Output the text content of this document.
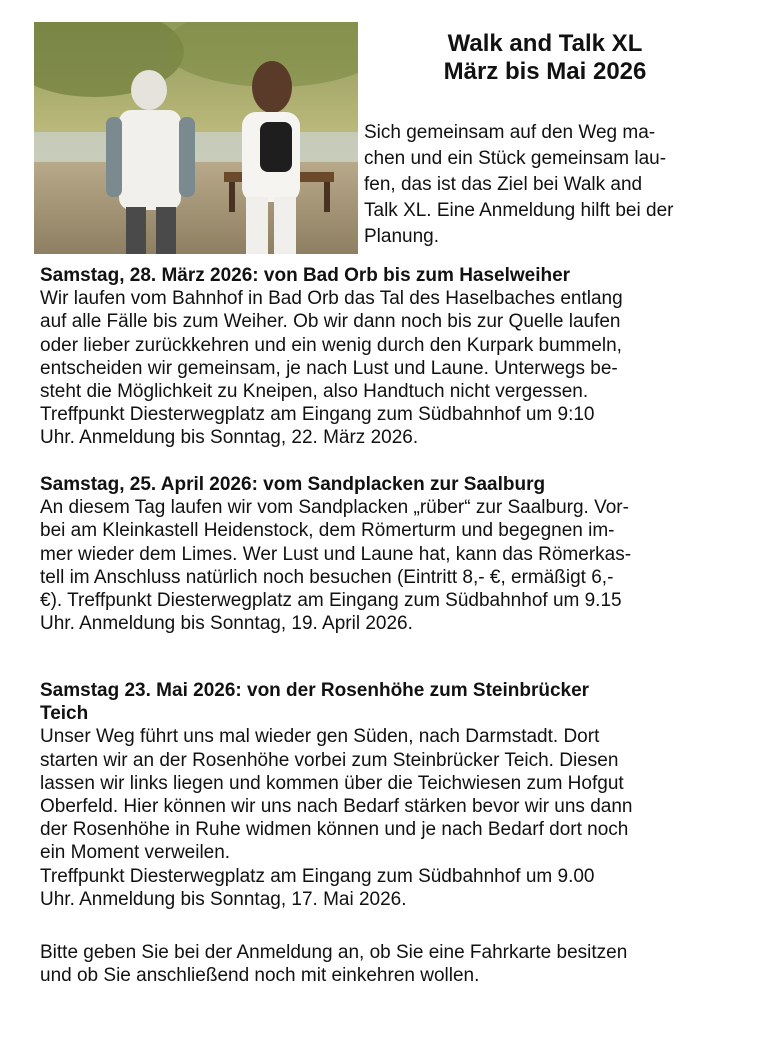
Walk and Talk XL
März bis Mai 2026
Sich gemeinsam auf den Weg ma-
chen und ein Stück gemeinsam lau-
fen, das ist das Ziel bei Walk and
Talk XL. Eine Anmeldung hilft bei der
Planung.
Samstag, 28. März 2026: von Bad Orb bis zum Haselweiher
Wir laufen vom Bahnhof in Bad Orb das Tal des Haselbaches entlang
auf alle Fälle bis zum Weiher. Ob wir dann noch bis zur Quelle laufen
oder lieber zurückkehren und ein wenig durch den Kurpark bummeln,
entscheiden wir gemeinsam, je nach Lust und Laune. Unterwegs be-
steht die Möglichkeit zu Kneipen, also Handtuch nicht vergessen.
Treffpunkt Diesterwegplatz am Eingang zum Südbahnhof um 9:10
Uhr. Anmeldung bis Sonntag, 22. März 2026.
Samstag, 25. April 2026: vom Sandplacken zur Saalburg
An diesem Tag laufen wir vom Sandplacken „rüber“ zur Saalburg. Vor-
bei am Kleinkastell Heidenstock, dem Römerturm und begegnen im-
mer wieder dem Limes. Wer Lust und Laune hat, kann das Römerkas-
tell im Anschluss natürlich noch besuchen (Eintritt 8,- €, ermäßigt 6,-
€). Treffpunkt Diesterwegplatz am Eingang zum Südbahnhof um 9.15
Uhr. Anmeldung bis Sonntag, 19. April 2026.
Samstag 23. Mai 2026: von der Rosenhöhe zum Steinbrücker
Teich
Unser Weg führt uns mal wieder gen Süden, nach Darmstadt. Dort
starten wir an der Rosenhöhe vorbei zum Steinbrücker Teich. Diesen
lassen wir links liegen und kommen über die Teichwiesen zum Hofgut
Oberfeld. Hier können wir uns nach Bedarf stärken bevor wir uns dann
der Rosenhöhe in Ruhe widmen können und je nach Bedarf dort noch
ein Moment verweilen.
Treffpunkt Diesterwegplatz am Eingang zum Südbahnhof um 9.00
Uhr. Anmeldung bis Sonntag, 17. Mai 2026.
Bitte geben Sie bei der Anmeldung an, ob Sie eine Fahrkarte besitzen
und ob Sie anschließend noch mit einkehren wollen.
